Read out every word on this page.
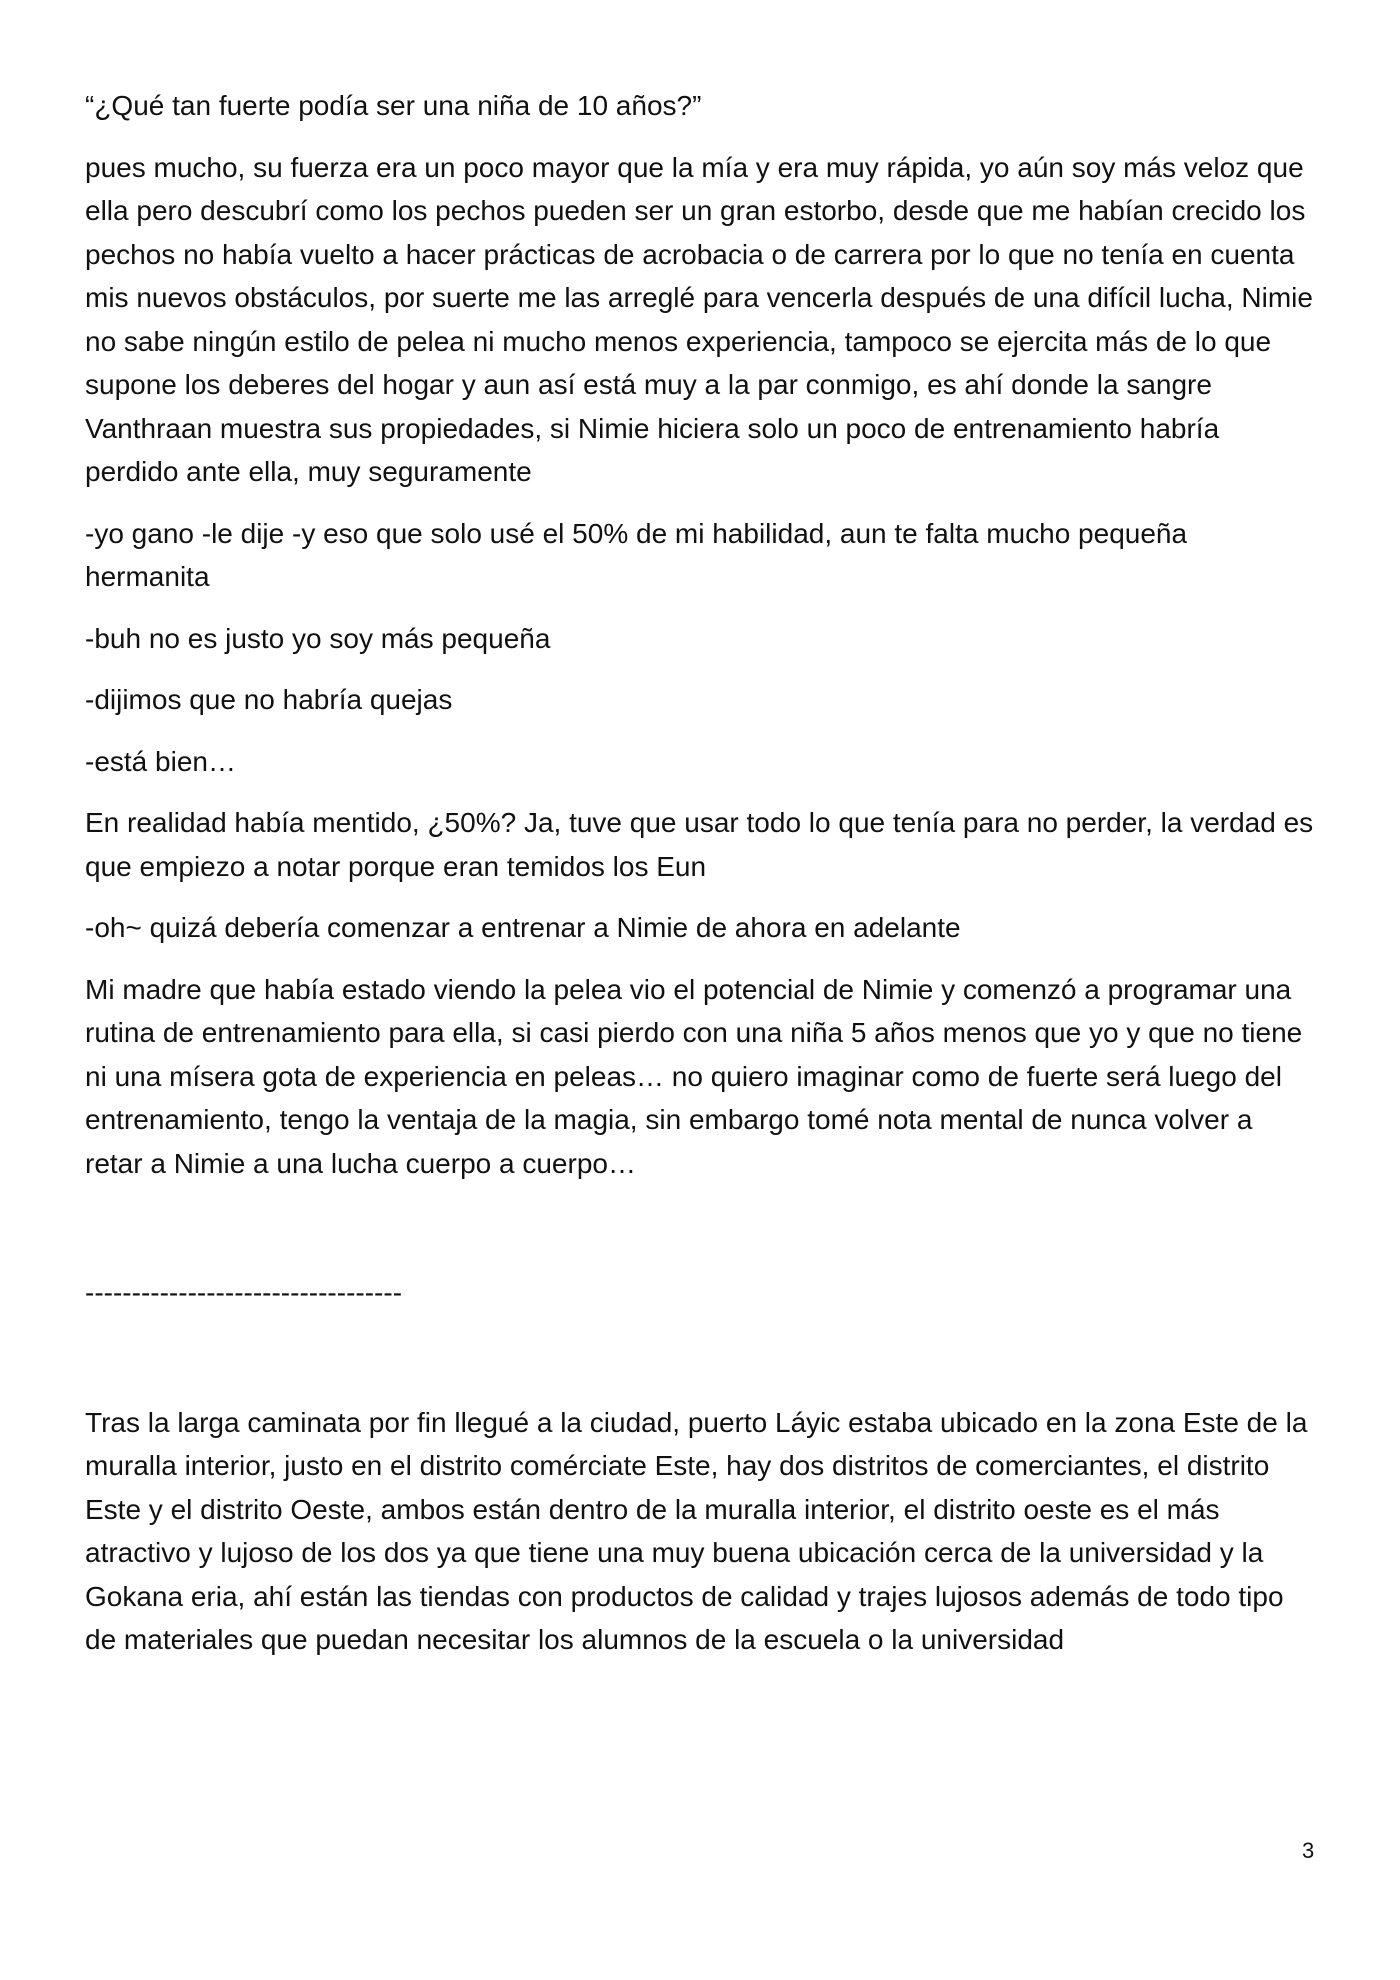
“¿Qué tan fuerte podía ser una niña de 10 años?”

pues mucho, su fuerza era un poco mayor que la mía y era muy rápida, yo aún soy más veloz que ella pero descubrí como los pechos pueden ser un gran estorbo, desde que me habían crecido los pechos no había vuelto a hacer prácticas de acrobacia o de carrera por lo que no tenía en cuenta mis nuevos obstáculos, por suerte me las arreglé para vencerla después de una difícil lucha, Nimie no sabe ningún estilo de pelea ni mucho menos experiencia, tampoco se ejercita más de lo que supone los deberes del hogar y aun así está muy a la par conmigo, es ahí donde la sangre Vanthraan muestra sus propiedades, si Nimie hiciera solo un poco de entrenamiento habría perdido ante ella, muy seguramente

-yo gano -le dije -y eso que solo usé el 50% de mi habilidad, aun te falta mucho pequeña hermanita

-buh no es justo yo soy más pequeña

-dijimos que no habría quejas

-está bien…

En realidad había mentido, ¿50%? Ja, tuve que usar todo lo que tenía para no perder, la verdad es que empiezo a notar porque eran temidos los Eun

-oh~ quizá debería comenzar a entrenar a Nimie de ahora en adelante

Mi madre que había estado viendo la pelea vio el potencial de Nimie y comenzó a programar una rutina de entrenamiento para ella, si casi pierdo con una niña 5 años menos que yo y que no tiene ni una mísera gota de experiencia en peleas… no quiero imaginar como de fuerte será luego del entrenamiento, tengo la ventaja de la magia, sin embargo tomé nota mental de nunca volver a retar a Nimie a una lucha cuerpo a cuerpo…

----------------------------------

Tras la larga caminata por fin llegué a la ciudad, puerto Láyic estaba ubicado en la zona Este de la muralla interior, justo en el distrito comérciate Este, hay dos distritos de comerciantes, el distrito Este y el distrito Oeste, ambos están dentro de la muralla interior, el distrito oeste es el más atractivo y lujoso de los dos ya que tiene una muy buena ubicación cerca de la universidad y la Gokana eria, ahí están las tiendas con productos de calidad y trajes lujosos además de todo tipo de materiales que puedan necesitar los alumnos de la escuela o la universidad

3
